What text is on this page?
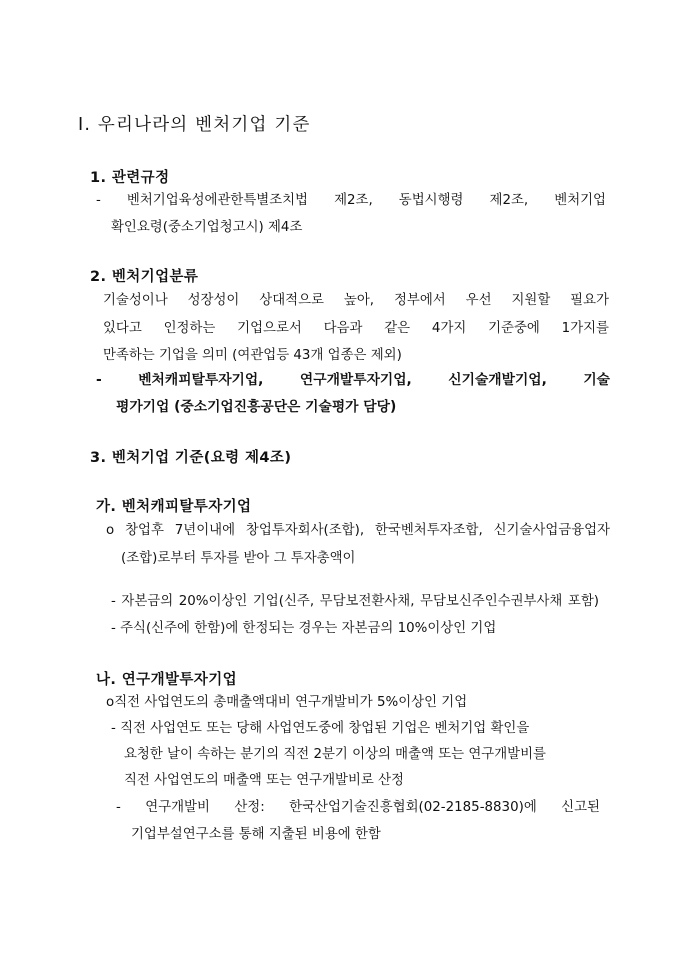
Ⅰ. 우리나라의 벤처기업 기준
1. 관련규정
- 벤처기업육성에관한특별조치법 제2조, 동법시행령 제2조, 벤처기업
확인요령(중소기업청고시) 제4조
2. 벤처기업분류
기술성이나 성장성이 상대적으로 높아, 정부에서 우선 지원할 필요가
있다고 인정하는 기업으로서 다음과 같은 4가지 기준중에 1가지를
만족하는 기업을 의미 (여관업등 43개 업종은 제외)
- 벤처캐피탈투자기업, 연구개발투자기업, 신기술개발기업, 기술
평가기업 (중소기업진흥공단은 기술평가 담당)
3. 벤처기업 기준(요령 제4조)
가. 벤처캐피탈투자기업
o 창업후 7년이내에 창업투자회사(조합), 한국벤처투자조합, 신기술사업금융업자
(조합)로부터 투자를 받아 그 투자총액이
- 자본금의 20%이상인 기업(신주, 무담보전환사채, 무담보신주인수권부사채 포함)
- 주식(신주에 한함)에 한정되는 경우는 자본금의 10%이상인 기업
나. 연구개발투자기업
o직전 사업연도의 총매출액대비 연구개발비가 5%이상인 기업
- 직전 사업연도 또는 당해 사업연도중에 창업된 기업은 벤처기업 확인을
요청한 날이 속하는 분기의 직전 2분기 이상의 매출액 또는 연구개발비를
직전 사업연도의 매출액 또는 연구개발비로 산정
- 연구개발비 산정: 한국산업기술진흥협회(02-2185-8830)에 신고된
기업부설연구소를 통해 지출된 비용에 한함
